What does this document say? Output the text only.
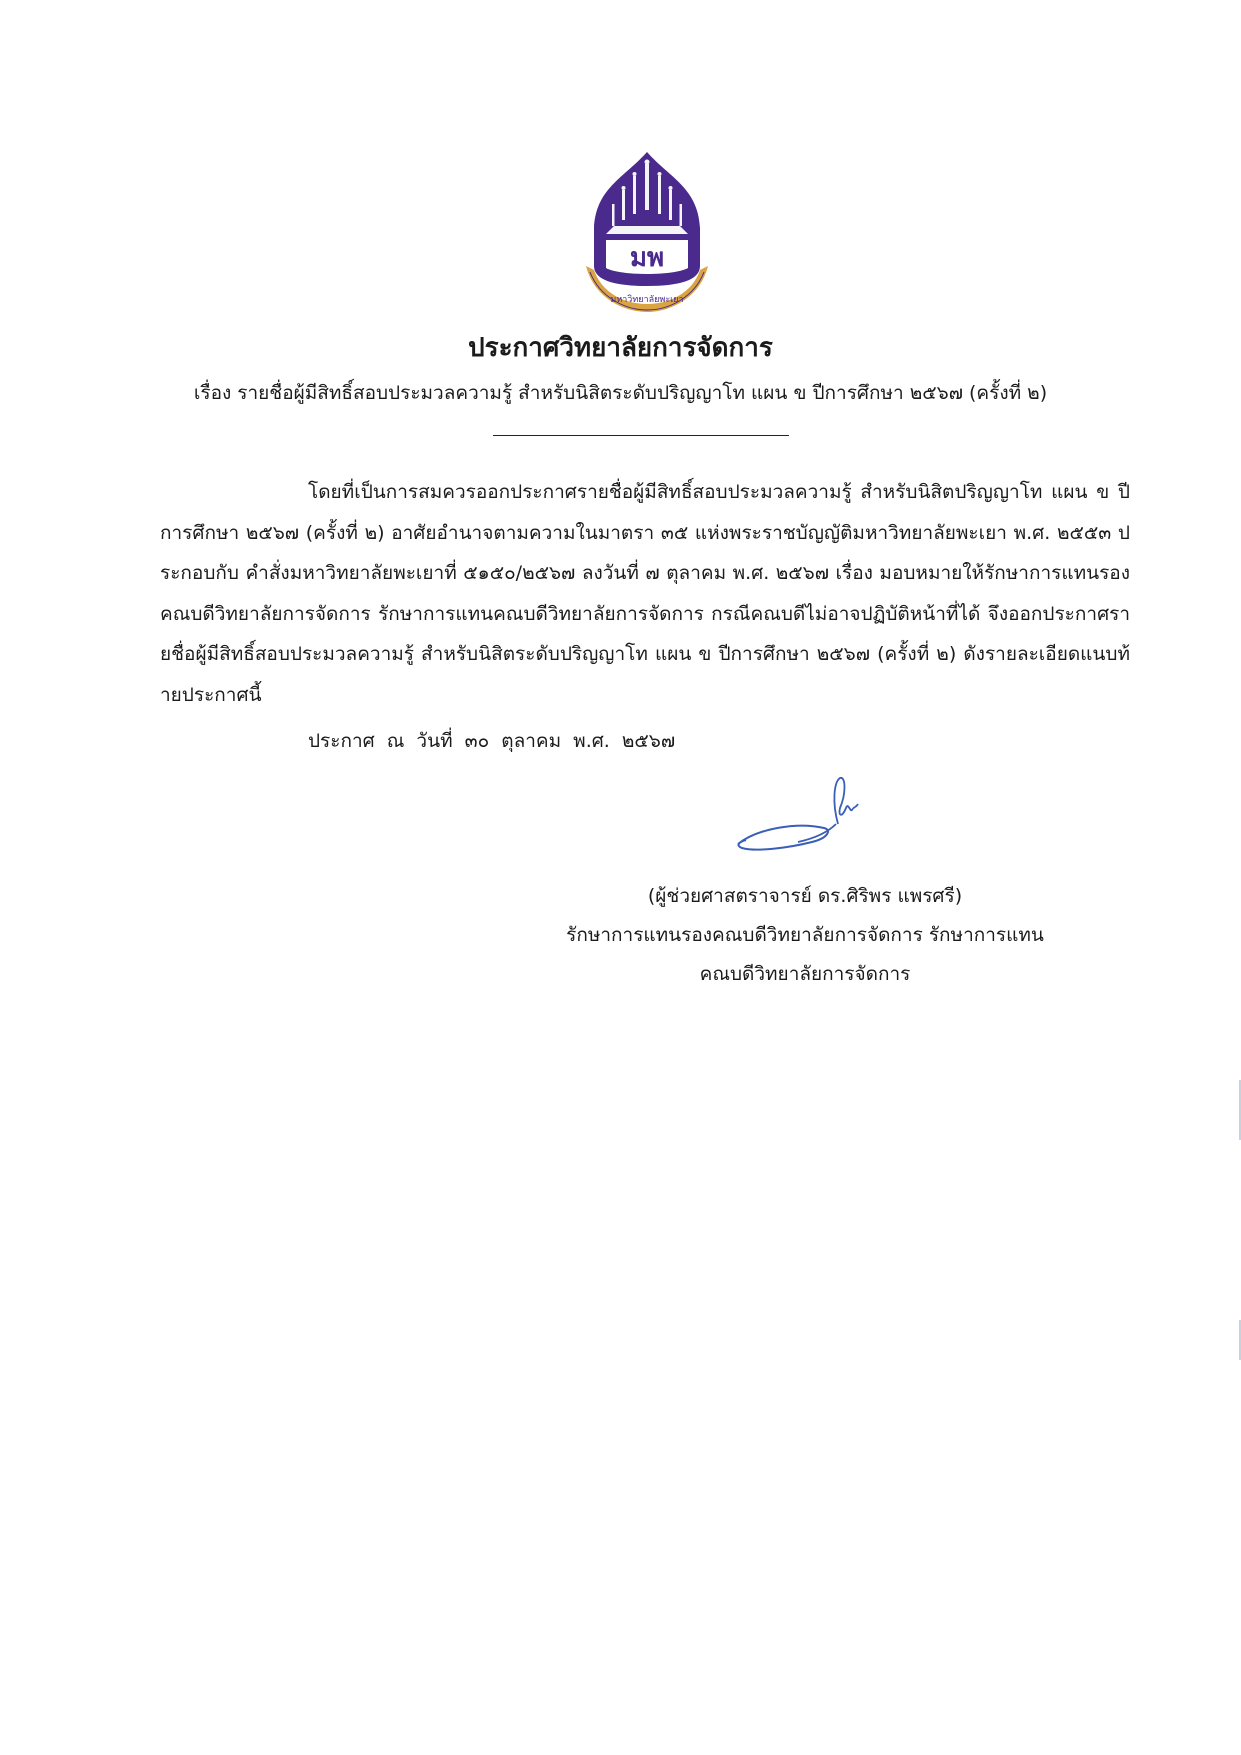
มพ
มหาวิทยาลัยพะเยา
ประกาศวิทยาลัยการจัดการ
เรื่อง รายชื่อผู้มีสิทธิ์สอบประมวลความรู้ สำหรับนิสิตระดับปริญญาโท แผน ข ปีการศึกษา ๒๕๖๗ (ครั้งที่ ๒)
โดยที่เป็นการสมควรออกประกาศรายชื่อผู้มีสิทธิ์สอบประมวลความรู้ สำหรับนิสิตปริญญาโท แผน ข ปีการศึกษา ๒๕๖๗ (ครั้งที่ ๒) อาศัยอำนาจตามความในมาตรา ๓๕ แห่งพระราชบัญญัติมหาวิทยาลัยพะเยา พ.ศ. ๒๕๕๓ ประกอบกับ คำสั่งมหาวิทยาลัยพะเยาที่ ๕๑๕๐/๒๕๖๗ ลงวันที่ ๗ ตุลาคม พ.ศ. ๒๕๖๗ เรื่อง มอบหมายให้รักษาการแทนรองคณบดีวิทยาลัยการจัดการ รักษาการแทนคณบดีวิทยาลัยการจัดการ กรณีคณบดีไม่อาจปฏิบัติหน้าที่ได้ จึงออกประกาศรายชื่อผู้มีสิทธิ์สอบประมวลความรู้ สำหรับนิสิตระดับปริญญาโท แผน ข ปีการศึกษา ๒๕๖๗ (ครั้งที่ ๒) ดังรายละเอียดแนบท้ายประกาศนี้
ประกาศ ณ วันที่ ๓๐ ตุลาคม พ.ศ. ๒๕๖๗
(ผู้ช่วยศาสตราจารย์ ดร.ศิริพร แพรศรี)
รักษาการแทนรองคณบดีวิทยาลัยการจัดการ รักษาการแทน
คณบดีวิทยาลัยการจัดการ
